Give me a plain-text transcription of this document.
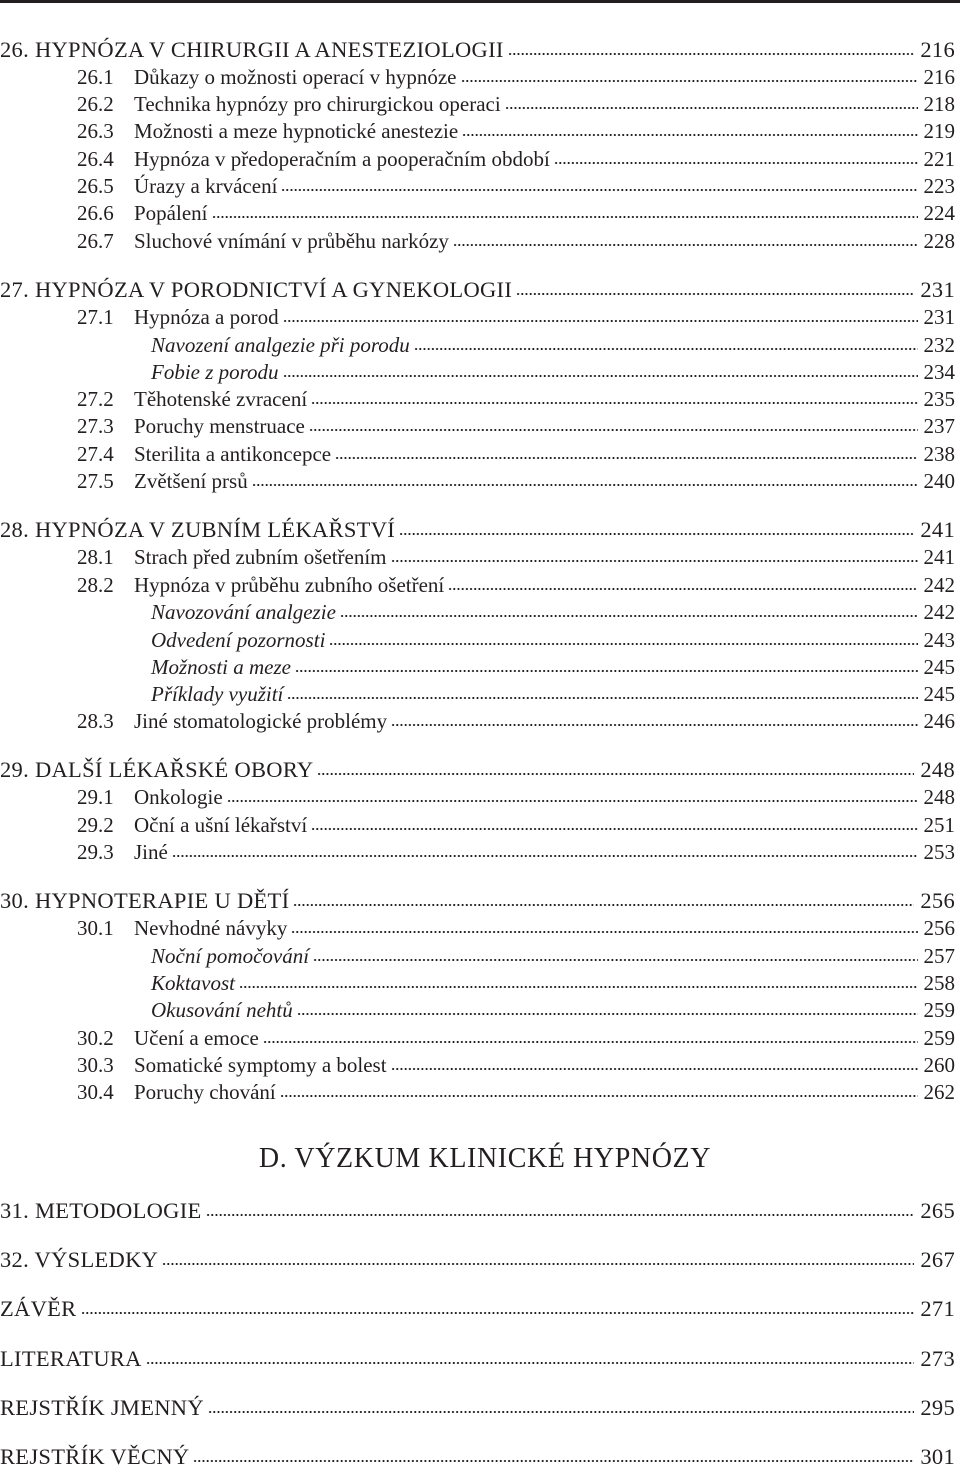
26. HYPNÓZA V CHIRURGII A ANESTEZIOLOGII	216
26.1 Důkazy o možnosti operací v hypnóze	216
26.2 Technika hypnózy pro chirurgickou operaci	218
26.3 Možnosti a meze hypnotické anestezie	219
26.4 Hypnóza v předoperačním a pooperačním období	221
26.5 Úrazy a krvácení	223
26.6 Popálení	224
26.7 Sluchové vnímání v průběhu narkózy	228
27. HYPNÓZA V PORODNICTVÍ A GYNEKOLOGII	231
27.1 Hypnóza a porod	231
Navození analgezie při porodu	232
Fobie z porodu	234
27.2 Těhotenské zvracení	235
27.3 Poruchy menstruace	237
27.4 Sterilita a antikoncepce	238
27.5 Zvětšení prsů	240
28. HYPNÓZA V ZUBNÍM LÉKAŘSTVÍ	241
28.1 Strach před zubním ošetřením	241
28.2 Hypnóza v průběhu zubního ošetření	242
Navozování analgezie	242
Odvedení pozornosti	243
Možnosti a meze	245
Příklady využití	245
28.3 Jiné stomatologické problémy	246
29. DALŠÍ LÉKAŘSKÉ OBORY	248
29.1 Onkologie	248
29.2 Oční a ušní lékařství	251
29.3 Jiné	253
30. HYPNOTERAPIE U DĚTÍ	256
30.1 Nevhodné návyky	256
Noční pomočování	257
Koktavost	258
Okusování nehtů	259
30.2 Učení a emoce	259
30.3 Somatické symptomy a bolest	260
30.4 Poruchy chování	262
31. METODOLOGIE	265
32. VÝSLEDKY	267
ZÁVĚR	271
LITERATURA	273
REJSTŘÍK JMENNÝ	295
REJSTŘÍK VĚCNÝ	301
D. VÝZKUM KLINICKÉ HYPNÓZY
